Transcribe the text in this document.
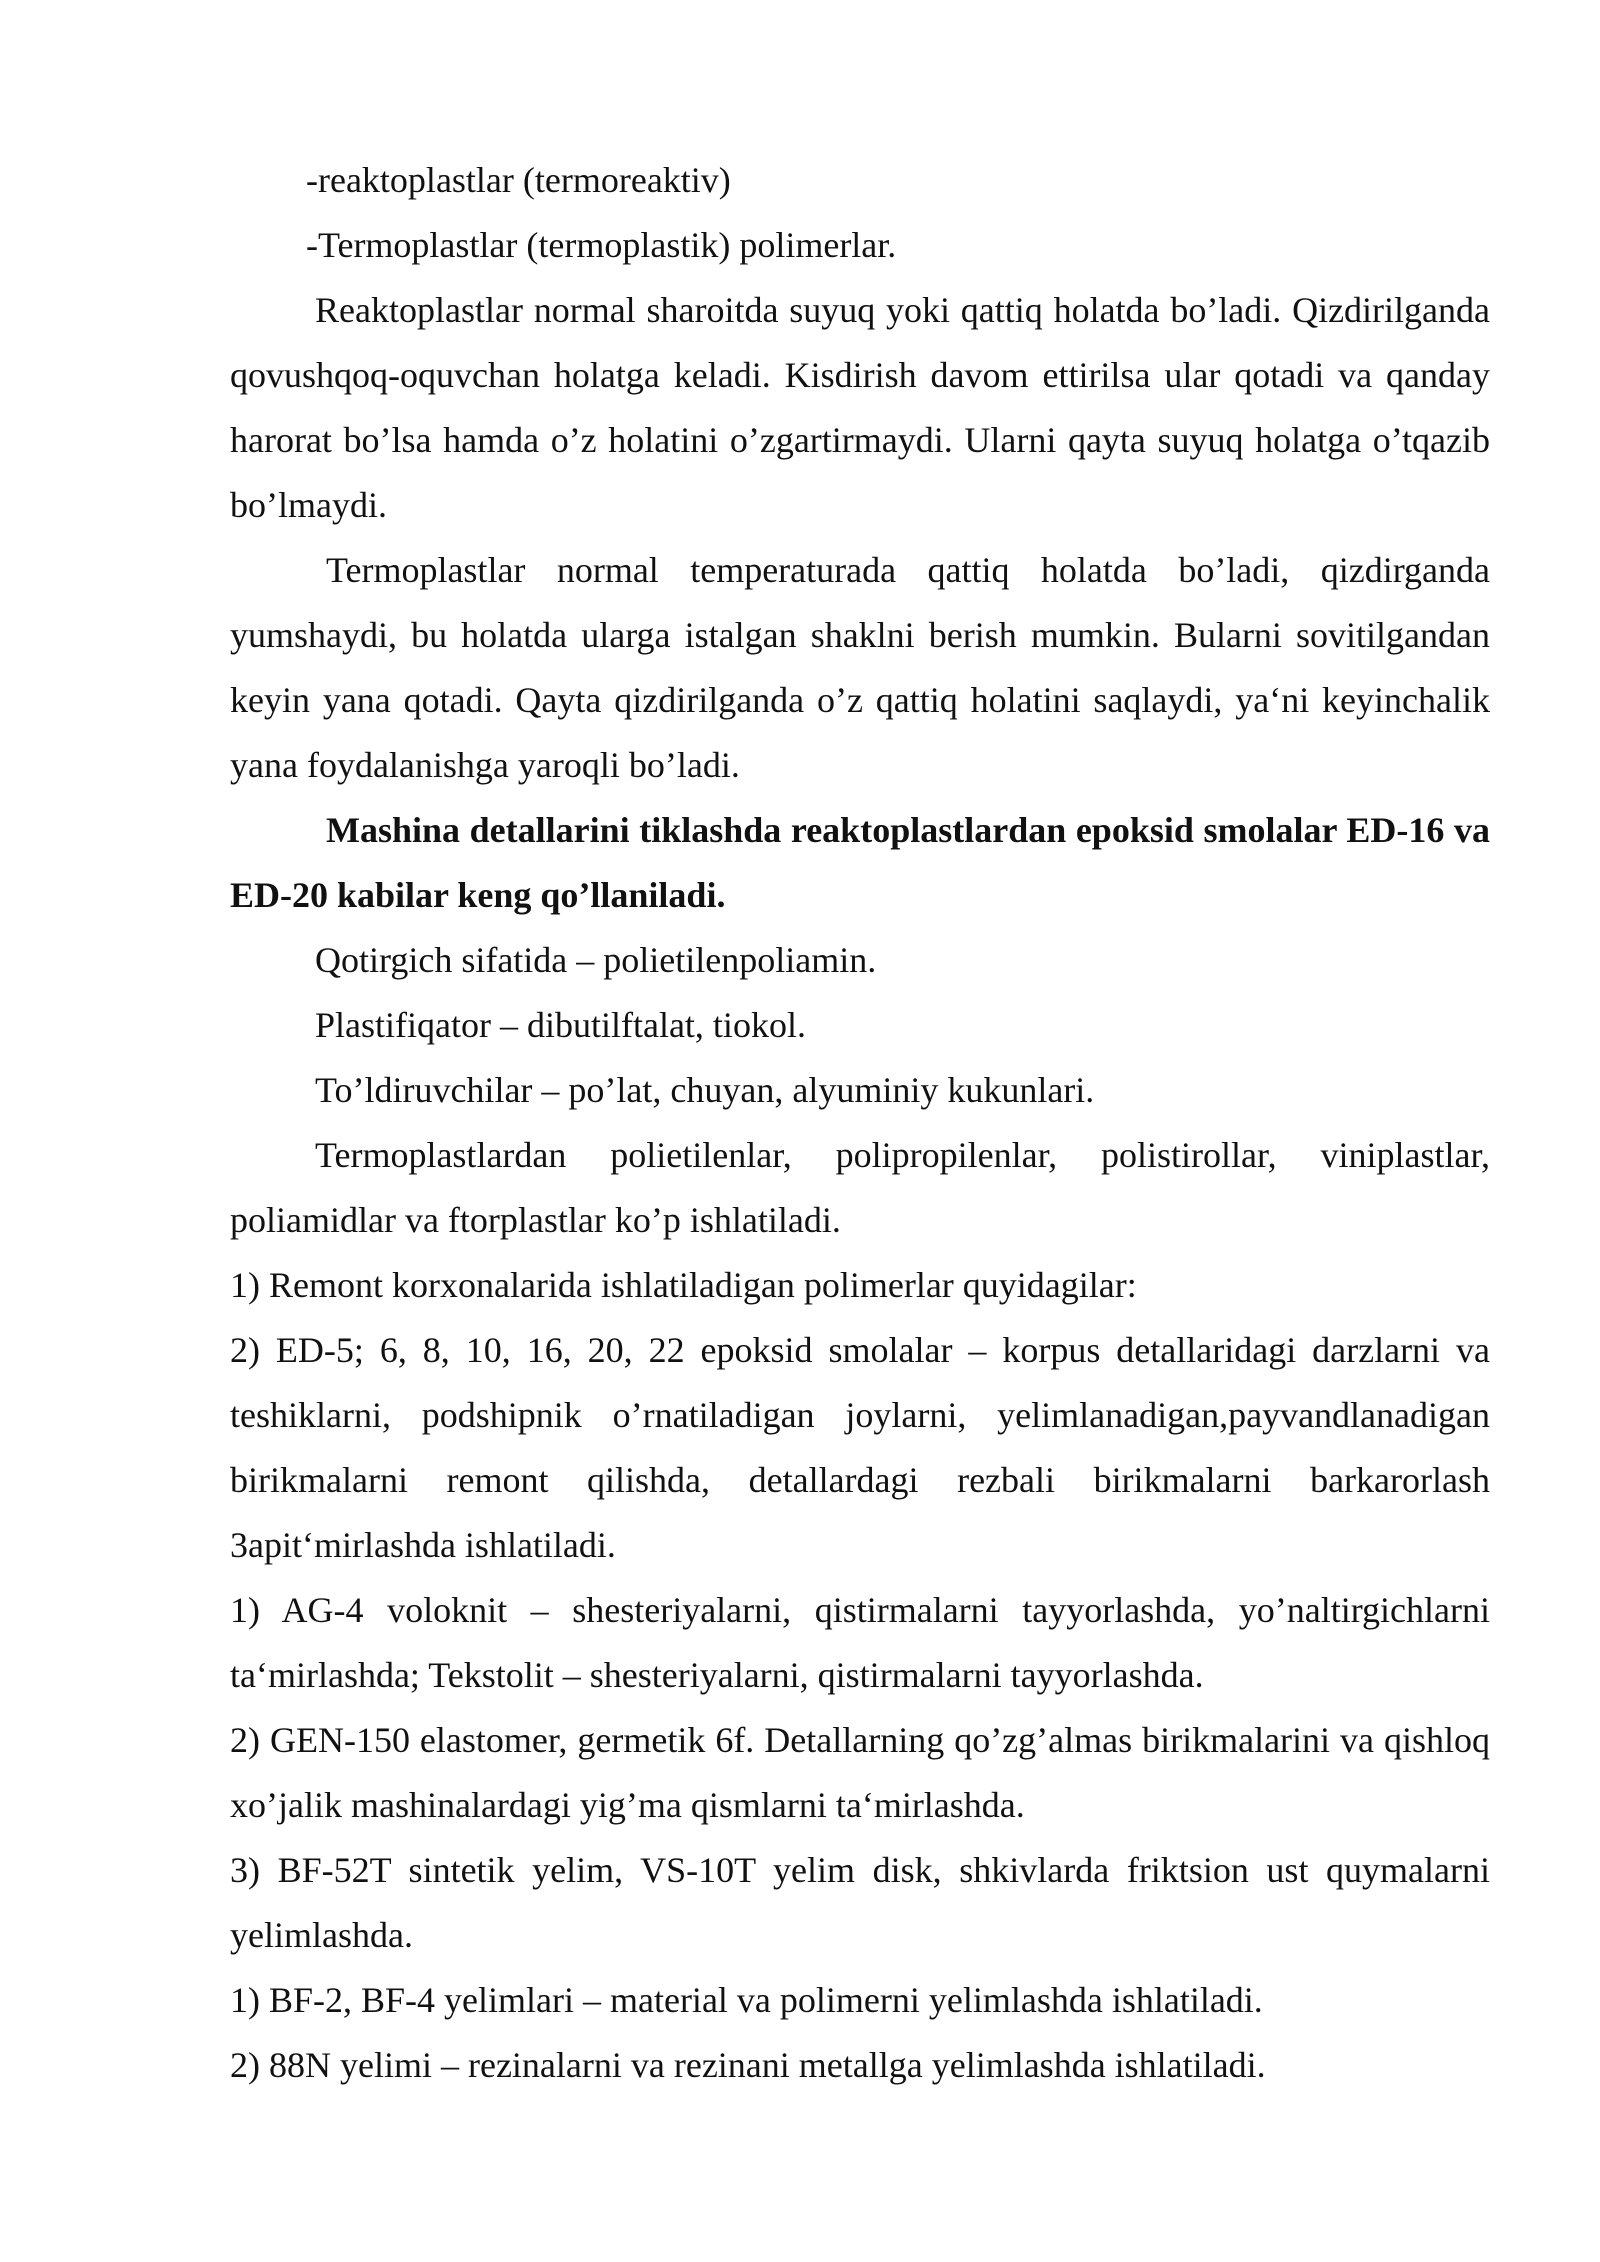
-reaktoplastlar (termoreaktiv)

-Termoplastlar (termoplastik) polimerlar.

Reaktoplastlar normal sharoitda suyuq yoki qattiq holatda bo’ladi. Qizdirilganda qovushqoq-oquvchan holatga keladi. Kisdirish davom ettirilsa ular qotadi va qanday harorat bo’lsa hamda o’z holatini o’zgartirmaydi. Ularni qayta suyuq holatga o’tqazib bo’lmaydi.

Termoplastlar normal temperaturada qattiq holatda bo’ladi, qizdirganda yumshaydi, bu holatda ularga istalgan shaklni berish mumkin. Bularni sovitilgandan keyin yana qotadi. Qayta qizdirilganda o’z qattiq holatini saqlaydi, yaʻni keyinchalik yana foydalanishga yaroqli bo’ladi.

Mashina detallarini tiklashda reaktoplastlardan epoksid smolalar ED-16 va ED-20 kabilar keng qo’llaniladi.

Qotirgich sifatida – polietilenpoliamin.

Plastifiqator – dibutilftalat, tiokol.

To’ldiruvchilar – po’lat, chuyan, alyuminiy kukunlari.

Termoplastlardan polietilenlar, polipropilenlar, polistirollar, viniplastlar, poliamidlar va ftorplastlar ko’p ishlatiladi.

1) Remont korxonalarida ishlatiladigan polimerlar quyidagilar:

2) ED-5; 6, 8, 10, 16, 20, 22 epoksid smolalar – korpus detallaridagi darzlarni va teshiklarni, podshipnik o’rnatiladigan joylarni, yelimlanadigan,payvandlanadigan birikmalarni remont qilishda, detallardagi rezbali birikmalarni barkarorlash 3apitʻmirlashda ishlatiladi.

1) AG-4 voloknit – shesteriyalarni, qistirmalarni tayyorlashda, yo’naltirgichlarni taʻmirlashda; Tekstolit – shesteriyalarni, qistirmalarni tayyorlashda.

2) GEN-150 elastomer, germetik 6f. Detallarning qo’zg’almas birikmalarini va qishloq xo’jalik mashinalardagi yig’ma qismlarni taʻmirlashda.

3) BF-52T sintetik yelim, VS-10T yelim disk, shkivlarda friktsion ust quymalarni yelimlashda.

1) BF-2, BF-4 yelimlari – material va polimerni yelimlashda ishlatiladi.

2) 88N yelimi – rezinalarni va rezinani metallga yelimlashda ishlatiladi.
